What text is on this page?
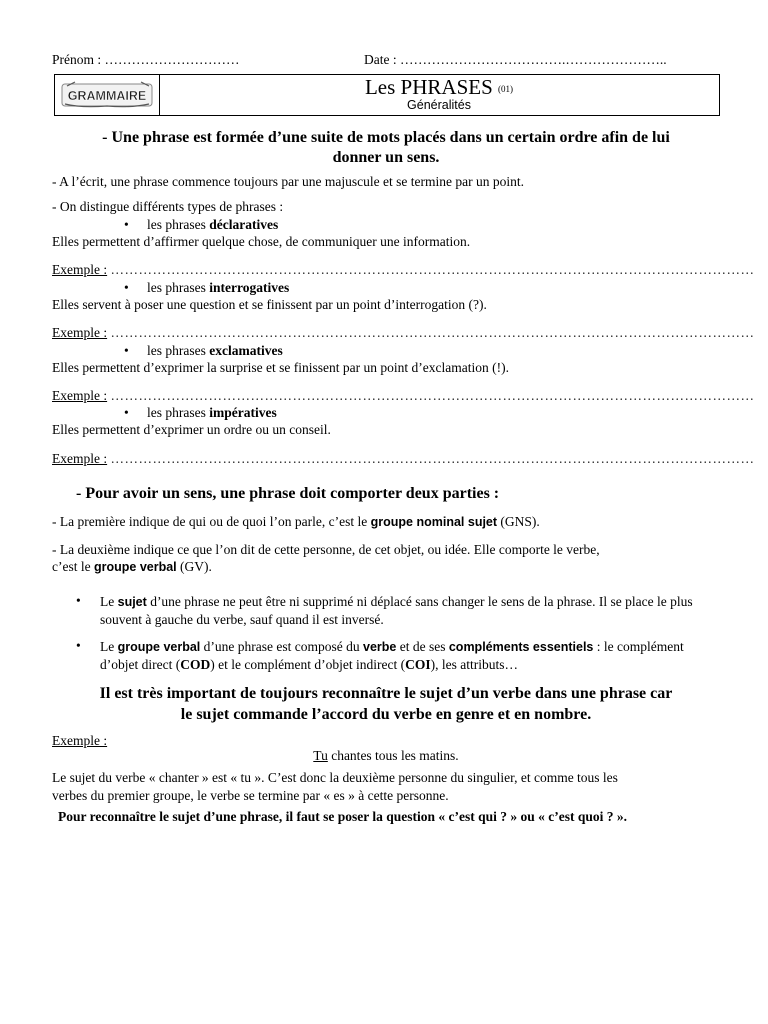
Prénom : …………………………	Date : ……………………………….…………………..
GRAMMAIRE	Les PHRASES (01)
Généralités
- Une phrase est formée d’une suite de mots placés dans un certain ordre afin de lui
donner un sens.
- A l’écrit, une phrase commence toujours par une majuscule et se termine par un point.
- On distingue différents types de phrases :
• les phrases déclaratives
Elles permettent d’affirmer quelque chose, de communiquer une information.
Exemple : …………………………………………………………………………………………………………………………
• les phrases interrogatives
Elles servent à poser une question et se finissent par un point d’interrogation (?).
Exemple : …………………………………………………………………………………………………………………………
• les phrases exclamatives
Elles permettent d’exprimer la surprise et se finissent par un point d’exclamation (!).
Exemple : …………………………………………………………………………………………………………………………
• les phrases impératives
Elles permettent d’exprimer un ordre ou un conseil.
Exemple : …………………………………………………………………………………………………………………………
- Pour avoir un sens, une phrase doit comporter deux parties :
- La première indique de qui ou de quoi l’on parle, c’est le groupe nominal sujet (GNS).
- La deuxième indique ce que l’on dit de cette personne, de cet objet, ou idée. Elle comporte le verbe,
c’est le groupe verbal (GV).
• Le sujet d’une phrase ne peut être ni supprimé ni déplacé sans changer le sens de la phrase. Il se place le plus souvent à gauche du verbe, sauf quand il est inversé.
• Le groupe verbal d’une phrase est composé du verbe et de ses compléments essentiels : le complément d’objet direct (COD) et le complément d’objet indirect (COI), les attributs…
Il est très important de toujours reconnaître le sujet d’un verbe dans une phrase car
le sujet commande l’accord du verbe en genre et en nombre.
Exemple :
Tu chantes tous les matins.
Le sujet du verbe « chanter » est « tu ». C’est donc la deuxième personne du singulier, et comme tous les
verbes du premier groupe, le verbe se termine par « es » à cette personne.
Pour reconnaître le sujet d’une phrase, il faut se poser la question « c’est qui ? » ou « c’est quoi ? ».
